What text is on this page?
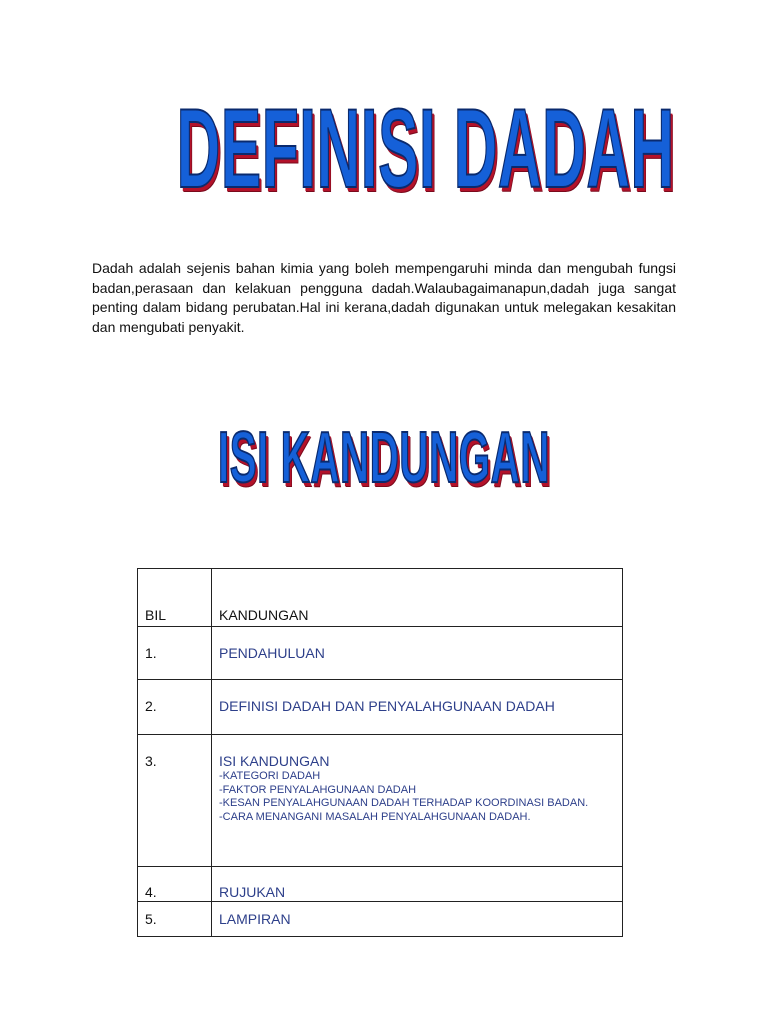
DEFINISI DADAH

Dadah adalah sejenis bahan kimia yang boleh mempengaruhi minda dan mengubah fungsi badan,perasaan dan kelakuan pengguna dadah.Walaubagaimanapun,dadah juga sangat penting dalam bidang perubatan.Hal ini kerana,dadah digunakan untuk melegakan kesakitan dan mengubati penyakit.

ISI KANDUNGAN
BIL	KANDUNGAN
1.	PENDAHULUAN
2.	DEFINISI DADAH DAN PENYALAHGUNAAN DADAH
3.	ISI KANDUNGAN
-KATEGORI DADAH
-FAKTOR PENYALAHGUNAAN DADAH
-KESAN PENYALAHGUNAAN DADAH TERHADAP KOORDINASI BADAN.
-CARA MENANGANI MASALAH PENYALAHGUNAAN DADAH.

4.	RUJUKAN
5.	LAMPIRAN
